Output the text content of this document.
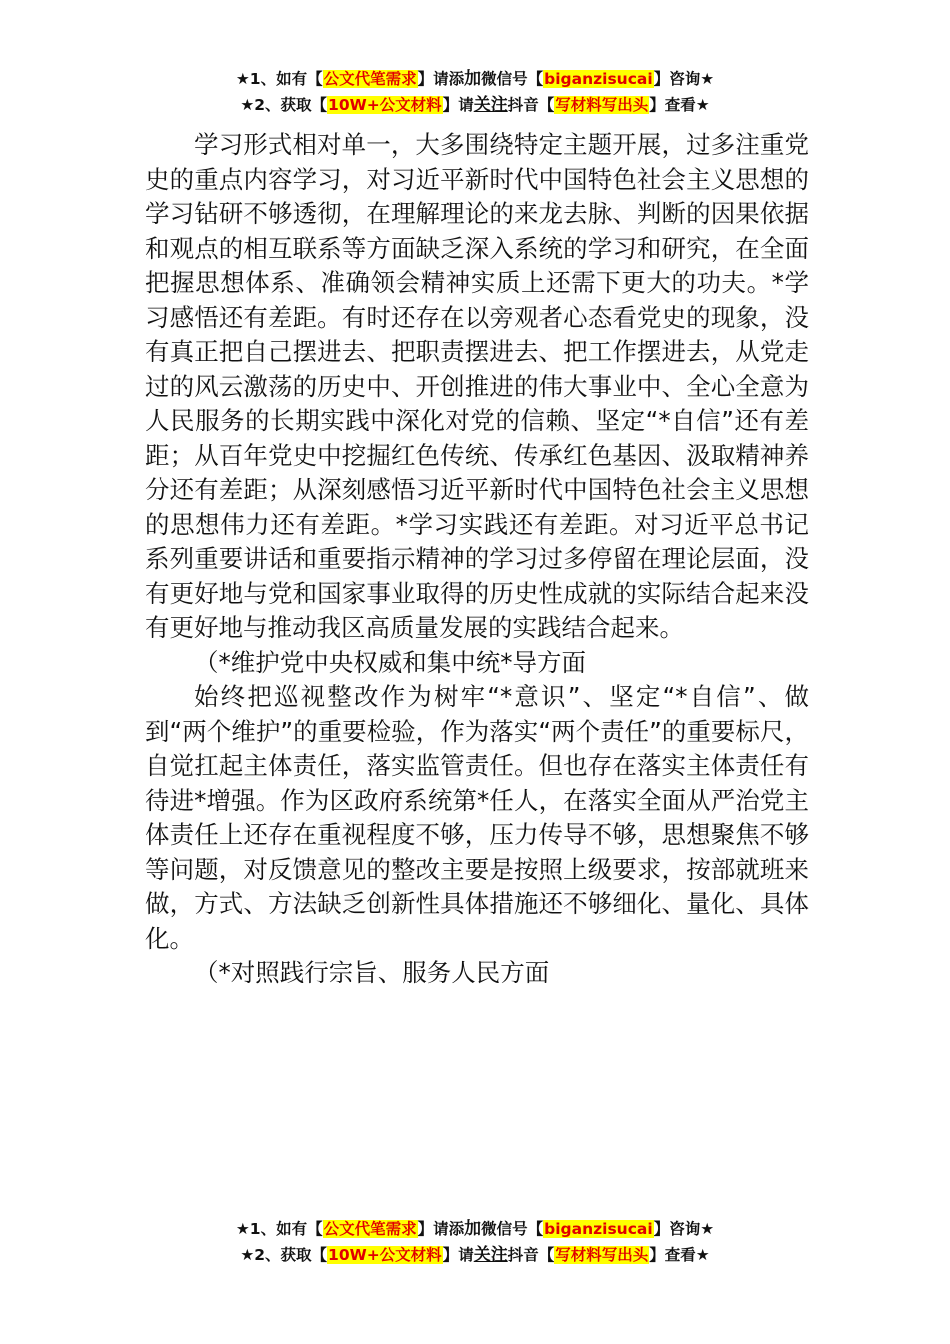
★1、如有【公文代笔需求】请添加微信号【biganzisucai】咨询★
★2、获取【10W+公文材料】请关注抖音【写材料写出头】查看★

学习形式相对单一，大多围绕特定主题开展，过多注重党史的重点内容学习，对习近平新时代中国特色社会主义思想的学习钻研不够透彻，在理解理论的来龙去脉、判断的因果依据和观点的相互联系等方面缺乏深入系统的学习和研究，在全面把握思想体系、准确领会精神实质上还需下更大的功夫。*学习感悟还有差距。有时还存在以旁观者心态看党史的现象，没有真正把自己摆进去、把职责摆进去、把工作摆进去，从党走过的风云激荡的历史中、开创推进的伟大事业中、全心全意为人民服务的长期实践中深化对党的信赖、坚定“*自信”还有差距；从百年党史中挖掘红色传统、传承红色基因、汲取精神养分还有差距；从深刻感悟习近平新时代中国特色社会主义思想的思想伟力还有差距。*学习实践还有差距。对习近平总书记系列重要讲话和重要指示精神的学习过多停留在理论层面，没有更好地与党和国家事业取得的历史性成就的实际结合起来没有更好地与推动我区高质量发展的实践结合起来。

（*维护党中央权威和集中统*导方面

始终把巡视整改作为树牢“*意识”、坚定“*自信”、做到“两个维护”的重要检验，作为落实“两个责任”的重要标尺，自觉扛起主体责任，落实监管责任。但也存在落实主体责任有待进*增强。作为区政府系统第*任人，在落实全面从严治党主体责任上还存在重视程度不够，压力传导不够，思想聚焦不够等问题，对反馈意见的整改主要是按照上级要求，按部就班来做，方式、方法缺乏创新性具体措施还不够细化、量化、具体化。

（*对照践行宗旨、服务人民方面

★1、如有【公文代笔需求】请添加微信号【biganzisucai】咨询★
★2、获取【10W+公文材料】请关注抖音【写材料写出头】查看★
